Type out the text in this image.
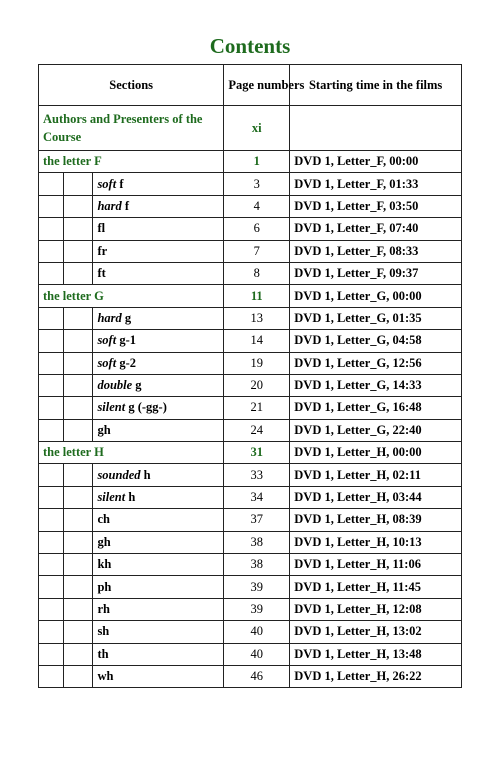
Contents
Sections			Page numbers	Starting time in the films
Authors and Presenters of the Course			xi	
the letter F			1	DVD 1, Letter_F, 00:00
		soft f	3	DVD 1, Letter_F, 01:33
		hard f	4	DVD 1, Letter_F, 03:50
		fl	6	DVD 1, Letter_F, 07:40
		fr	7	DVD 1, Letter_F, 08:33
		ft	8	DVD 1, Letter_F, 09:37
the letter G			11	DVD 1, Letter_G, 00:00
		hard g	13	DVD 1, Letter_G, 01:35
		soft g-1	14	DVD 1, Letter_G, 04:58
		soft g-2	19	DVD 1, Letter_G, 12:56
		double g	20	DVD 1, Letter_G, 14:33
		silent g (-gg-)	21	DVD 1, Letter_G, 16:48
		gh	24	DVD 1, Letter_G, 22:40
the letter H			31	DVD 1, Letter_H, 00:00
		sounded h	33	DVD 1, Letter_H, 02:11
		silent h	34	DVD 1, Letter_H, 03:44
		ch	37	DVD 1, Letter_H, 08:39
		gh	38	DVD 1, Letter_H, 10:13
		kh	38	DVD 1, Letter_H, 11:06
		ph	39	DVD 1, Letter_H, 11:45
		rh	39	DVD 1, Letter_H, 12:08
		sh	40	DVD 1, Letter_H, 13:02
		th	40	DVD 1, Letter_H, 13:48
		wh	46	DVD 1, Letter_H, 26:22
